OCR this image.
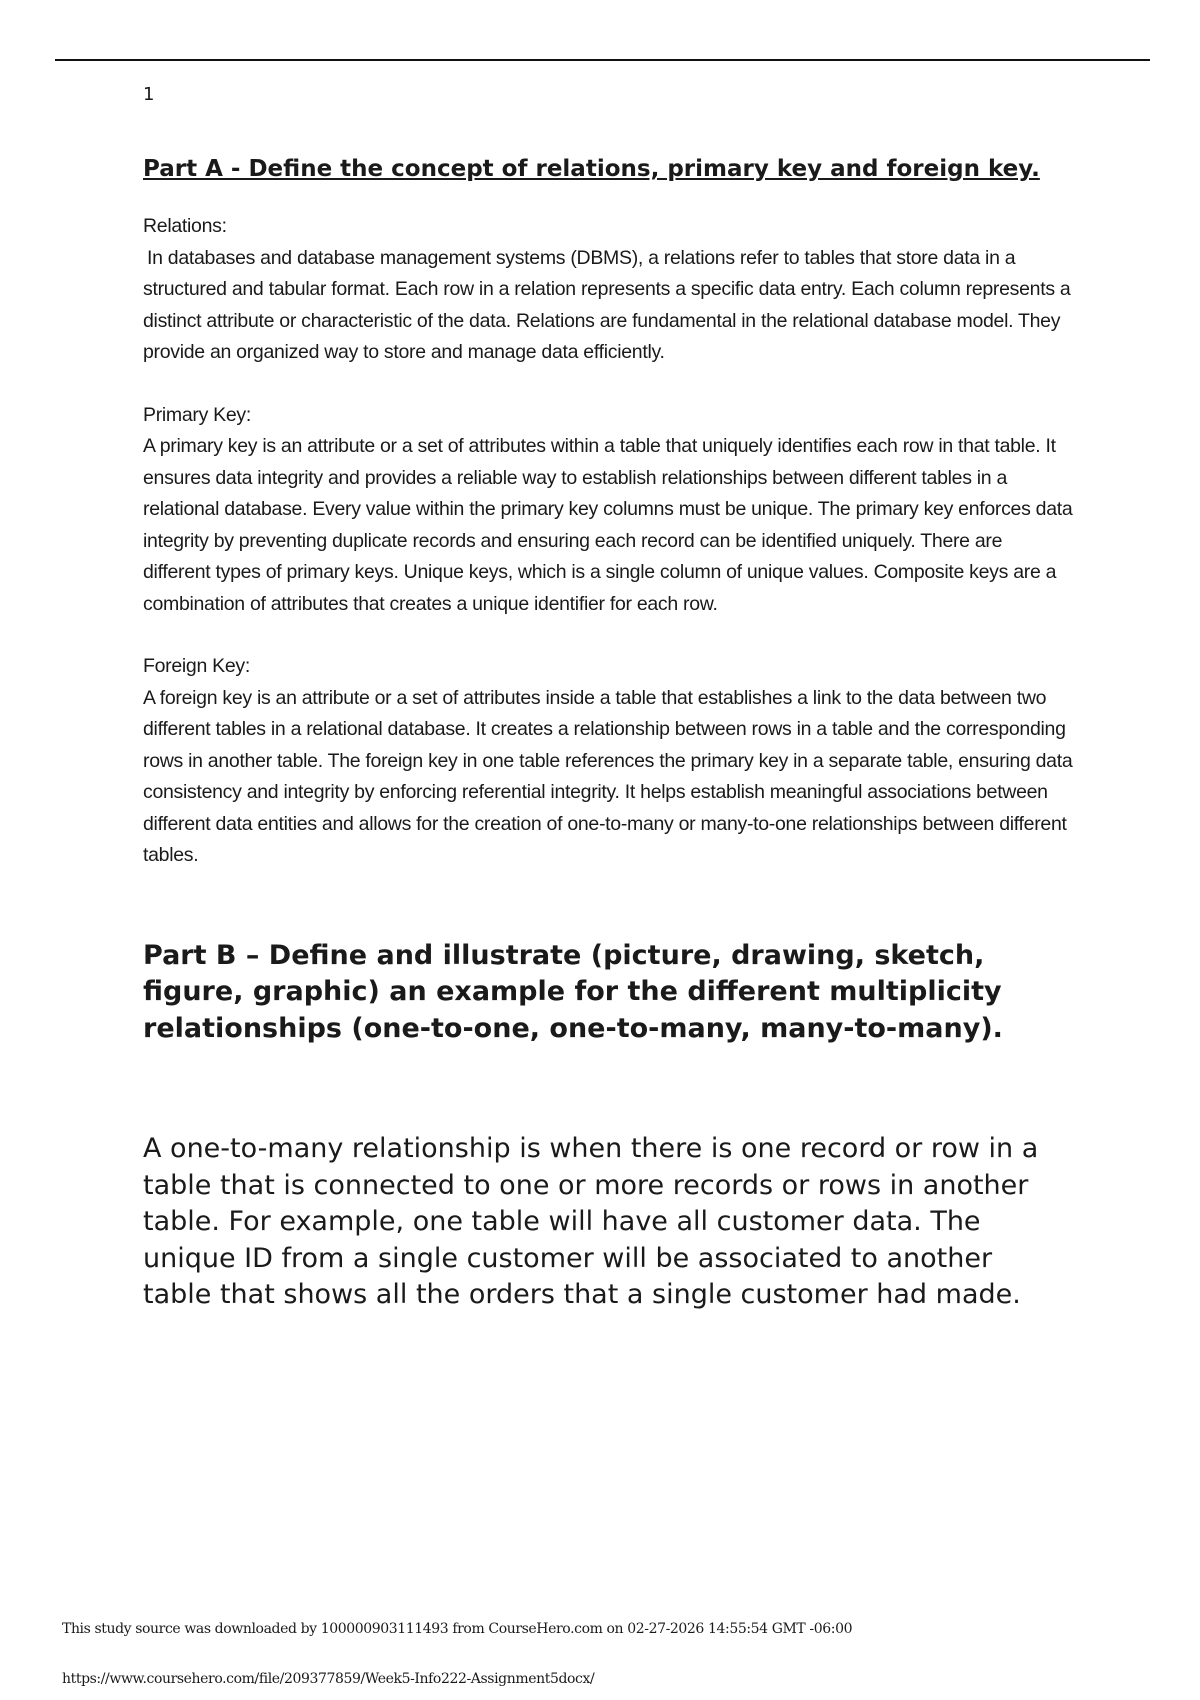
1
Part A - Define the concept of relations, primary key and foreign key.

Relations:
In databases and database management systems (DBMS), a relations refer to tables that store data in a structured and tabular format. Each row in a relation represents a specific data entry. Each column represents a distinct attribute or characteristic of the data. Relations are fundamental in the relational database model. They provide an organized way to store and manage data efficiently.

Primary Key:
A primary key is an attribute or a set of attributes within a table that uniquely identifies each row in that table. It ensures data integrity and provides a reliable way to establish relationships between different tables in a relational database. Every value within the primary key columns must be unique. The primary key enforces data integrity by preventing duplicate records and ensuring each record can be identified uniquely. There are different types of primary keys. Unique keys, which is a single column of unique values. Composite keys are a combination of attributes that creates a unique identifier for each row.

Foreign Key:
A foreign key is an attribute or a set of attributes inside a table that establishes a link to the data between two different tables in a relational database. It creates a relationship between rows in a table and the corresponding rows in another table. The foreign key in one table references the primary key in a separate table, ensuring data consistency and integrity by enforcing referential integrity. It helps establish meaningful associations between different data entities and allows for the creation of one-to-many or many-to-one relationships between different tables.

Part B – Define and illustrate (picture, drawing, sketch, figure, graphic) an example for the different multiplicity relationships (one-to-one, one-to-many, many-to-many).

A one-to-many relationship is when there is one record or row in a table that is connected to one or more records or rows in another table. For example, one table will have all customer data. The unique ID from a single customer will be associated to another table that shows all the orders that a single customer had made.

This study source was downloaded by 100000903111493 from CourseHero.com on 02-27-2026 14:55:54 GMT -06:00
https://www.coursehero.com/file/209377859/Week5-Info222-Assignment5docx/
